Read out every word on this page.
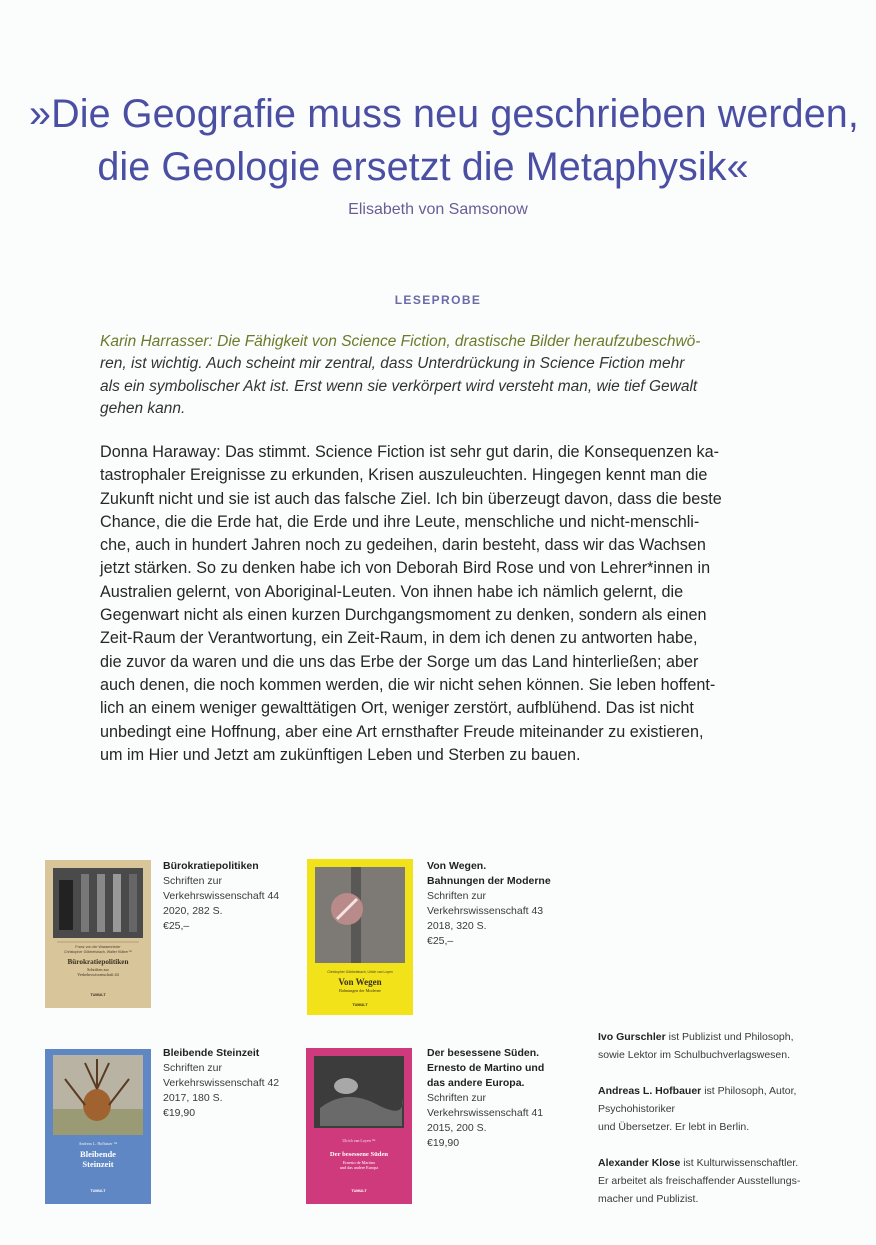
»Die Geografie muss neu geschrieben werden,
die Geologie ersetzt die Metaphysik«
Elisabeth von Samsonow
LESEPROBE
Karin Harrasser: Die Fähigkeit von Science Fiction, drastische Bilder heraufzubeschwö-
ren, ist wichtig. Auch scheint mir zentral, dass Unterdrückung in Science Fiction mehr
als ein symbolischer Akt ist. Erst wenn sie verkörpert wird versteht man, wie tief Gewalt
gehen kann.
Donna Haraway: Das stimmt. Science Fiction ist sehr gut darin, die Konsequenzen ka-
tastrophaler Ereignisse zu erkunden, Krisen auszuleuchten. Hingegen kennt man die
Zukunft nicht und sie ist auch das falsche Ziel. Ich bin überzeugt davon, dass die beste
Chance, die die Erde hat, die Erde und ihre Leute, menschliche und nicht-menschli-
che, auch in hundert Jahren noch zu gedeihen, darin besteht, dass wir das Wachsen
jetzt stärken. So zu denken habe ich von Deborah Bird Rose und von Lehrer*innen in
Australien gelernt, von Aboriginal-Leuten. Von ihnen habe ich nämlich gelernt, die
Gegenwart nicht als einen kurzen Durchgangsmoment zu denken, sondern als einen
Zeit-Raum der Verantwortung, ein Zeit-Raum, in dem ich denen zu antworten habe,
die zuvor da waren und die uns das Erbe der Sorge um das Land hinterließen; aber
auch denen, die noch kommen werden, die wir nicht sehen können. Sie leben hoffent-
lich an einem weniger gewalttätigen Ort, weniger zerstört, aufblühend. Das ist nicht
unbedingt eine Hoffnung, aber eine Art ernsthafter Freude miteinander zu existieren,
um im Hier und Jetzt am zukünftigen Leben und Sterben zu bauen.
Franz von der Wassenrieder
Christopher Göbbelsbach, Walter Kläber™
Bürokratiepolitiken
Schriften zur
Verkehrswissenschaft 44
TUMULT
Bürokratiepolitiken
Schriften zur
Verkehrswissenschaft 44
2020, 282 S.
€25,–
Christopher Göbbelsbach, Ulrich van Loyen
Von Wegen
Bahnungen der Moderne
TUMULT
Von Wegen.
Bahnungen der Moderne
Schriften zur
Verkehrswissenschaft 43
2018, 320 S.
€25,–
Andreas L. Hofbauer ™
Bleibende
Steinzeit
TUMULT
Bleibende Steinzeit
Schriften zur
Verkehrswissenschaft 42
2017, 180 S.
€19,90
Ulrich van Loyen ™
Der besessene Süden
Ernesto de Martino
und das andere Europa
TUMULT
Der besessene Süden.
Ernesto de Martino und
das andere Europa.
Schriften zur
Verkehrswissenschaft 41
2015, 200 S.
€19,90

Ivo Gurschler ist Publizist und Philosoph,
sowie Lektor im Schulbuchverlagswesen.

Andreas L. Hofbauer ist Philosoph, Autor,
Psychohistoriker
und Übersetzer. Er lebt in Berlin.

Alexander Klose ist Kulturwissenschaftler.
Er arbeitet als freischaffender Ausstellungs-
macher und Publizist.
